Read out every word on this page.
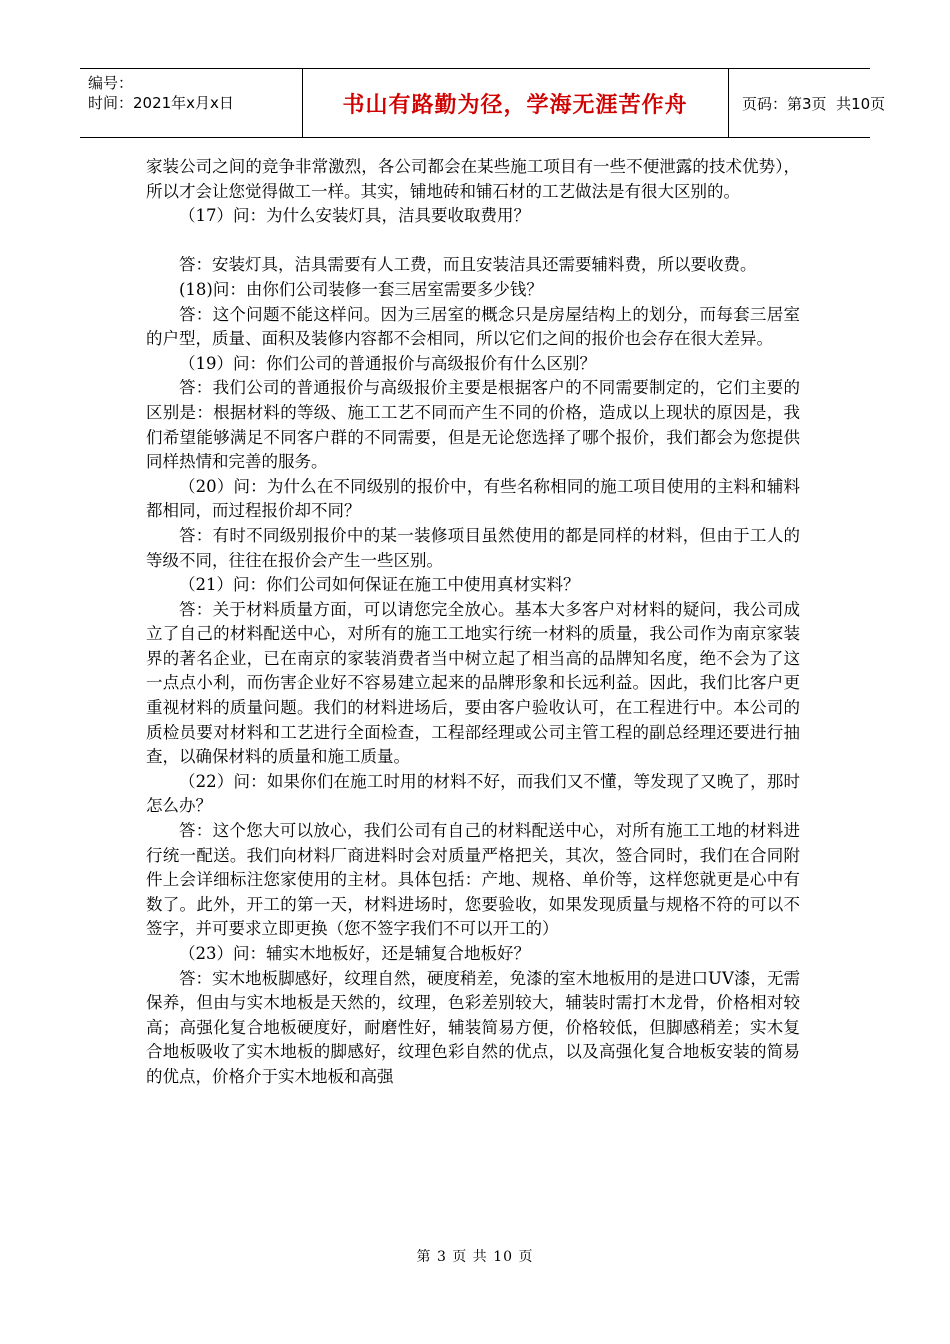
编号：
时间：2021年x月x日	书山有路勤为径，学海无涯苦作舟	页码： 第3页  共10页

家装公司之间的竞争非常激烈，各公司都会在某些施工项目有一些不便泄露的技术优势），所以才会让您觉得做工一样。其实，铺地砖和铺石材的工艺做法是有很大区别的。

（17）问：为什么安装灯具，洁具要收取费用？

答：安装灯具，洁具需要有人工费，而且安装洁具还需要辅料费，所以要收费。

(18)问：由你们公司装修一套三居室需要多少钱？

答：这个问题不能这样问。因为三居室的概念只是房屋结构上的划分，而每套三居室的户型，质量、面积及装修内容都不会相同，所以它们之间的报价也会存在很大差异。

（19）问：你们公司的普通报价与高级报价有什么区别？

答：我们公司的普通报价与高级报价主要是根据客户的不同需要制定的，它们主要的区别是：根据材料的等级、施工工艺不同而产生不同的价格，造成以上现状的原因是，我们希望能够满足不同客户群的不同需要，但是无论您选择了哪个报价，我们都会为您提供同样热情和完善的服务。

（20）问：为什么在不同级别的报价中，有些名称相同的施工项目使用的主料和辅料都相同，而过程报价却不同？

答：有时不同级别报价中的某一装修项目虽然使用的都是同样的材料，但由于工人的等级不同，往往在报价会产生一些区别。

（21）问：你们公司如何保证在施工中使用真材实料？

答：关于材料质量方面，可以请您完全放心。基本大多客户对材料的疑问，我公司成立了自己的材料配送中心，对所有的施工工地实行统一材料的质量，我公司作为南京家装界的著名企业，已在南京的家装消费者当中树立起了相当高的品牌知名度，绝不会为了这一点点小利，而伤害企业好不容易建立起来的品牌形象和长远利益。因此，我们比客户更重视材料的质量问题。我们的材料进场后，要由客户验收认可，在工程进行中。本公司的质检员要对材料和工艺进行全面检查，工程部经理或公司主管工程的副总经理还要进行抽查，以确保材料的质量和施工质量。

（22）问：如果你们在施工时用的材料不好，而我们又不懂，等发现了又晚了，那时怎么办？

答：这个您大可以放心，我们公司有自己的材料配送中心，对所有施工工地的材料进行统一配送。我们向材料厂商进料时会对质量严格把关，其次，签合同时，我们在合同附件上会详细标注您家使用的主材。具体包括：产地、规格、单价等，这样您就更是心中有数了。此外，开工的第一天，材料进场时，您要验收，如果发现质量与规格不符的可以不签字，并可要求立即更换（您不签字我们不可以开工的）

（23）问：辅实木地板好，还是辅复合地板好？

答：实木地板脚感好，纹理自然，硬度稍差，免漆的室木地板用的是进口UV漆，无需保养，但由与实木地板是天然的，纹理，色彩差别较大，辅装时需打木龙骨，价格相对较高；高强化复合地板硬度好，耐磨性好，辅装简易方便，价格较低，但脚感稍差；实木复合地板吸收了实木地板的脚感好，纹理色彩自然的优点，以及高强化复合地板安装的简易的优点，价格介于实木地板和高强

第 3 页 共 10 页
